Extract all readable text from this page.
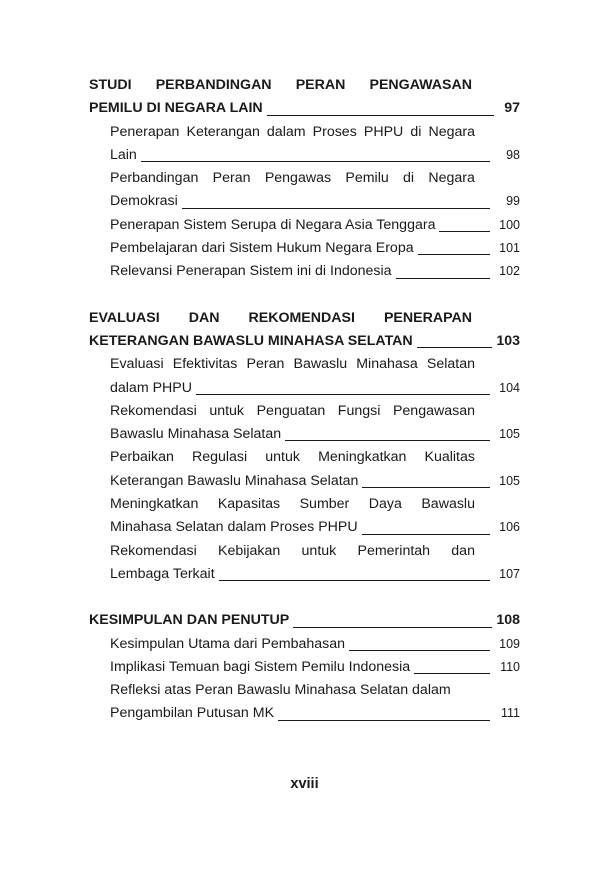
STUDI PERBANDINGAN PERAN PENGAWASAN
PEMILU DI NEGARA LAIN	97
Penerapan Keterangan dalam Proses PHPU di Negara
Lain	98
Perbandingan Peran Pengawas Pemilu di Negara
Demokrasi	99
Penerapan Sistem Serupa di Negara Asia Tenggara	100
Pembelajaran dari Sistem Hukum Negara Eropa	101
Relevansi Penerapan Sistem ini di Indonesia	102
EVALUASI DAN REKOMENDASI PENERAPAN
KETERANGAN BAWASLU MINAHASA SELATAN	103
Evaluasi Efektivitas Peran Bawaslu Minahasa Selatan
dalam PHPU	104
Rekomendasi untuk Penguatan Fungsi Pengawasan
Bawaslu Minahasa Selatan	105
Perbaikan Regulasi untuk Meningkatkan Kualitas
Keterangan Bawaslu Minahasa Selatan	105
Meningkatkan Kapasitas Sumber Daya Bawaslu
Minahasa Selatan dalam Proses PHPU	106
Rekomendasi Kebijakan untuk Pemerintah dan
Lembaga Terkait	107
KESIMPULAN DAN PENUTUP	108
Kesimpulan Utama dari Pembahasan	109
Implikasi Temuan bagi Sistem Pemilu Indonesia	110
Refleksi atas Peran Bawaslu Minahasa Selatan dalam
Pengambilan Putusan MK	111
xviii
